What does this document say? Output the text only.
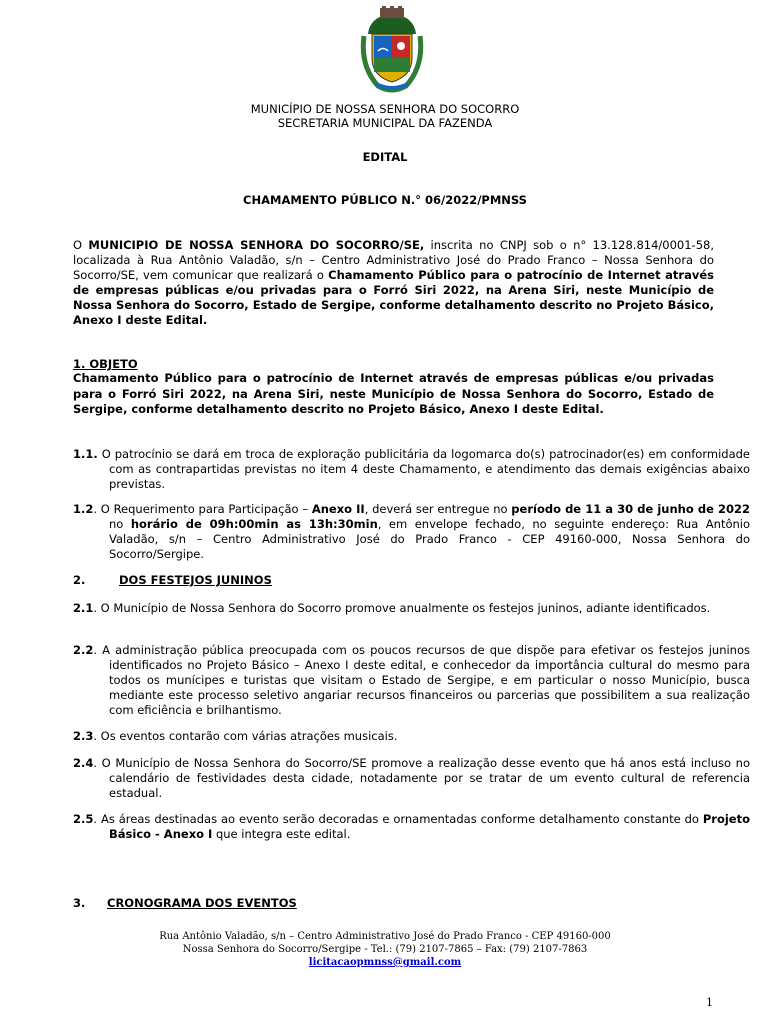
MUNICÍPIO DE NOSSA SENHORA DO SOCORRO
SECRETARIA MUNICIPAL DA FAZENDA
EDITAL
CHAMAMENTO PÚBLICO N.° 06/2022/PMNSS
O MUNICIPIO DE NOSSA SENHORA DO SOCORRO/SE, inscrita no CNPJ sob o n° 13.128.814/0001-58, localizada à Rua Antônio Valadão, s/n – Centro Administrativo José do Prado Franco – Nossa Senhora do Socorro/SE, vem comunicar que realizará o Chamamento Público para o patrocínio de Internet através de empresas públicas e/ou privadas para o Forró Siri 2022, na Arena Siri, neste Município de Nossa Senhora do Socorro, Estado de Sergipe, conforme detalhamento descrito no Projeto Básico, Anexo I deste Edital.
1. OBJETO
Chamamento Público para o patrocínio de Internet através de empresas públicas e/ou privadas para o Forró Siri 2022, na Arena Siri, neste Município de Nossa Senhora do Socorro, Estado de Sergipe, conforme detalhamento descrito no Projeto Básico, Anexo I deste Edital.
1.1. O patrocínio se dará em troca de exploração publicitária da logomarca do(s) patrocinador(es) em conformidade com as contrapartidas previstas no item 4 deste Chamamento, e atendimento das demais exigências abaixo previstas.
1.2. O Requerimento para Participação – Anexo II, deverá ser entregue no período de 11 a 30 de junho de 2022 no horário de 09h:00min as 13h:30min, em envelope fechado, no seguinte endereço: Rua Antônio Valadão, s/n – Centro Administrativo José do Prado Franco - CEP 49160-000, Nossa Senhora do Socorro/Sergipe.
2.	DOS FESTEJOS JUNINOS
2.1. O Município de Nossa Senhora do Socorro promove anualmente os festejos juninos, adiante identificados.
2.2. A administração pública preocupada com os poucos recursos de que dispõe para efetivar os festejos juninos identificados no Projeto Básico – Anexo I deste edital, e conhecedor da importância cultural do mesmo para todos os munícipes e turistas que visitam o Estado de Sergipe, e em particular o nosso Município, busca mediante este processo seletivo angariar recursos financeiros ou parcerias que possibilitem a sua realização com eficiência e brilhantismo.
2.3. Os eventos contarão com várias atrações musicais.
2.4. O Município de Nossa Senhora do Socorro/SE promove a realização desse evento que há anos está incluso no calendário de festividades desta cidade, notadamente por se tratar de um evento cultural de referencia estadual.
2.5. As áreas destinadas ao evento serão decoradas e ornamentadas conforme detalhamento constante do Projeto Básico - Anexo I que integra este edital.
3. CRONOGRAMA DOS EVENTOS
Rua Antônio Valadão, s/n – Centro Administrativo José do Prado Franco - CEP 49160-000
Nossa Senhora do Socorro/Sergipe - Tel.: (79) 2107-7865 – Fax: (79) 2107-7863
licitacaopmnss@gmail.com
1
